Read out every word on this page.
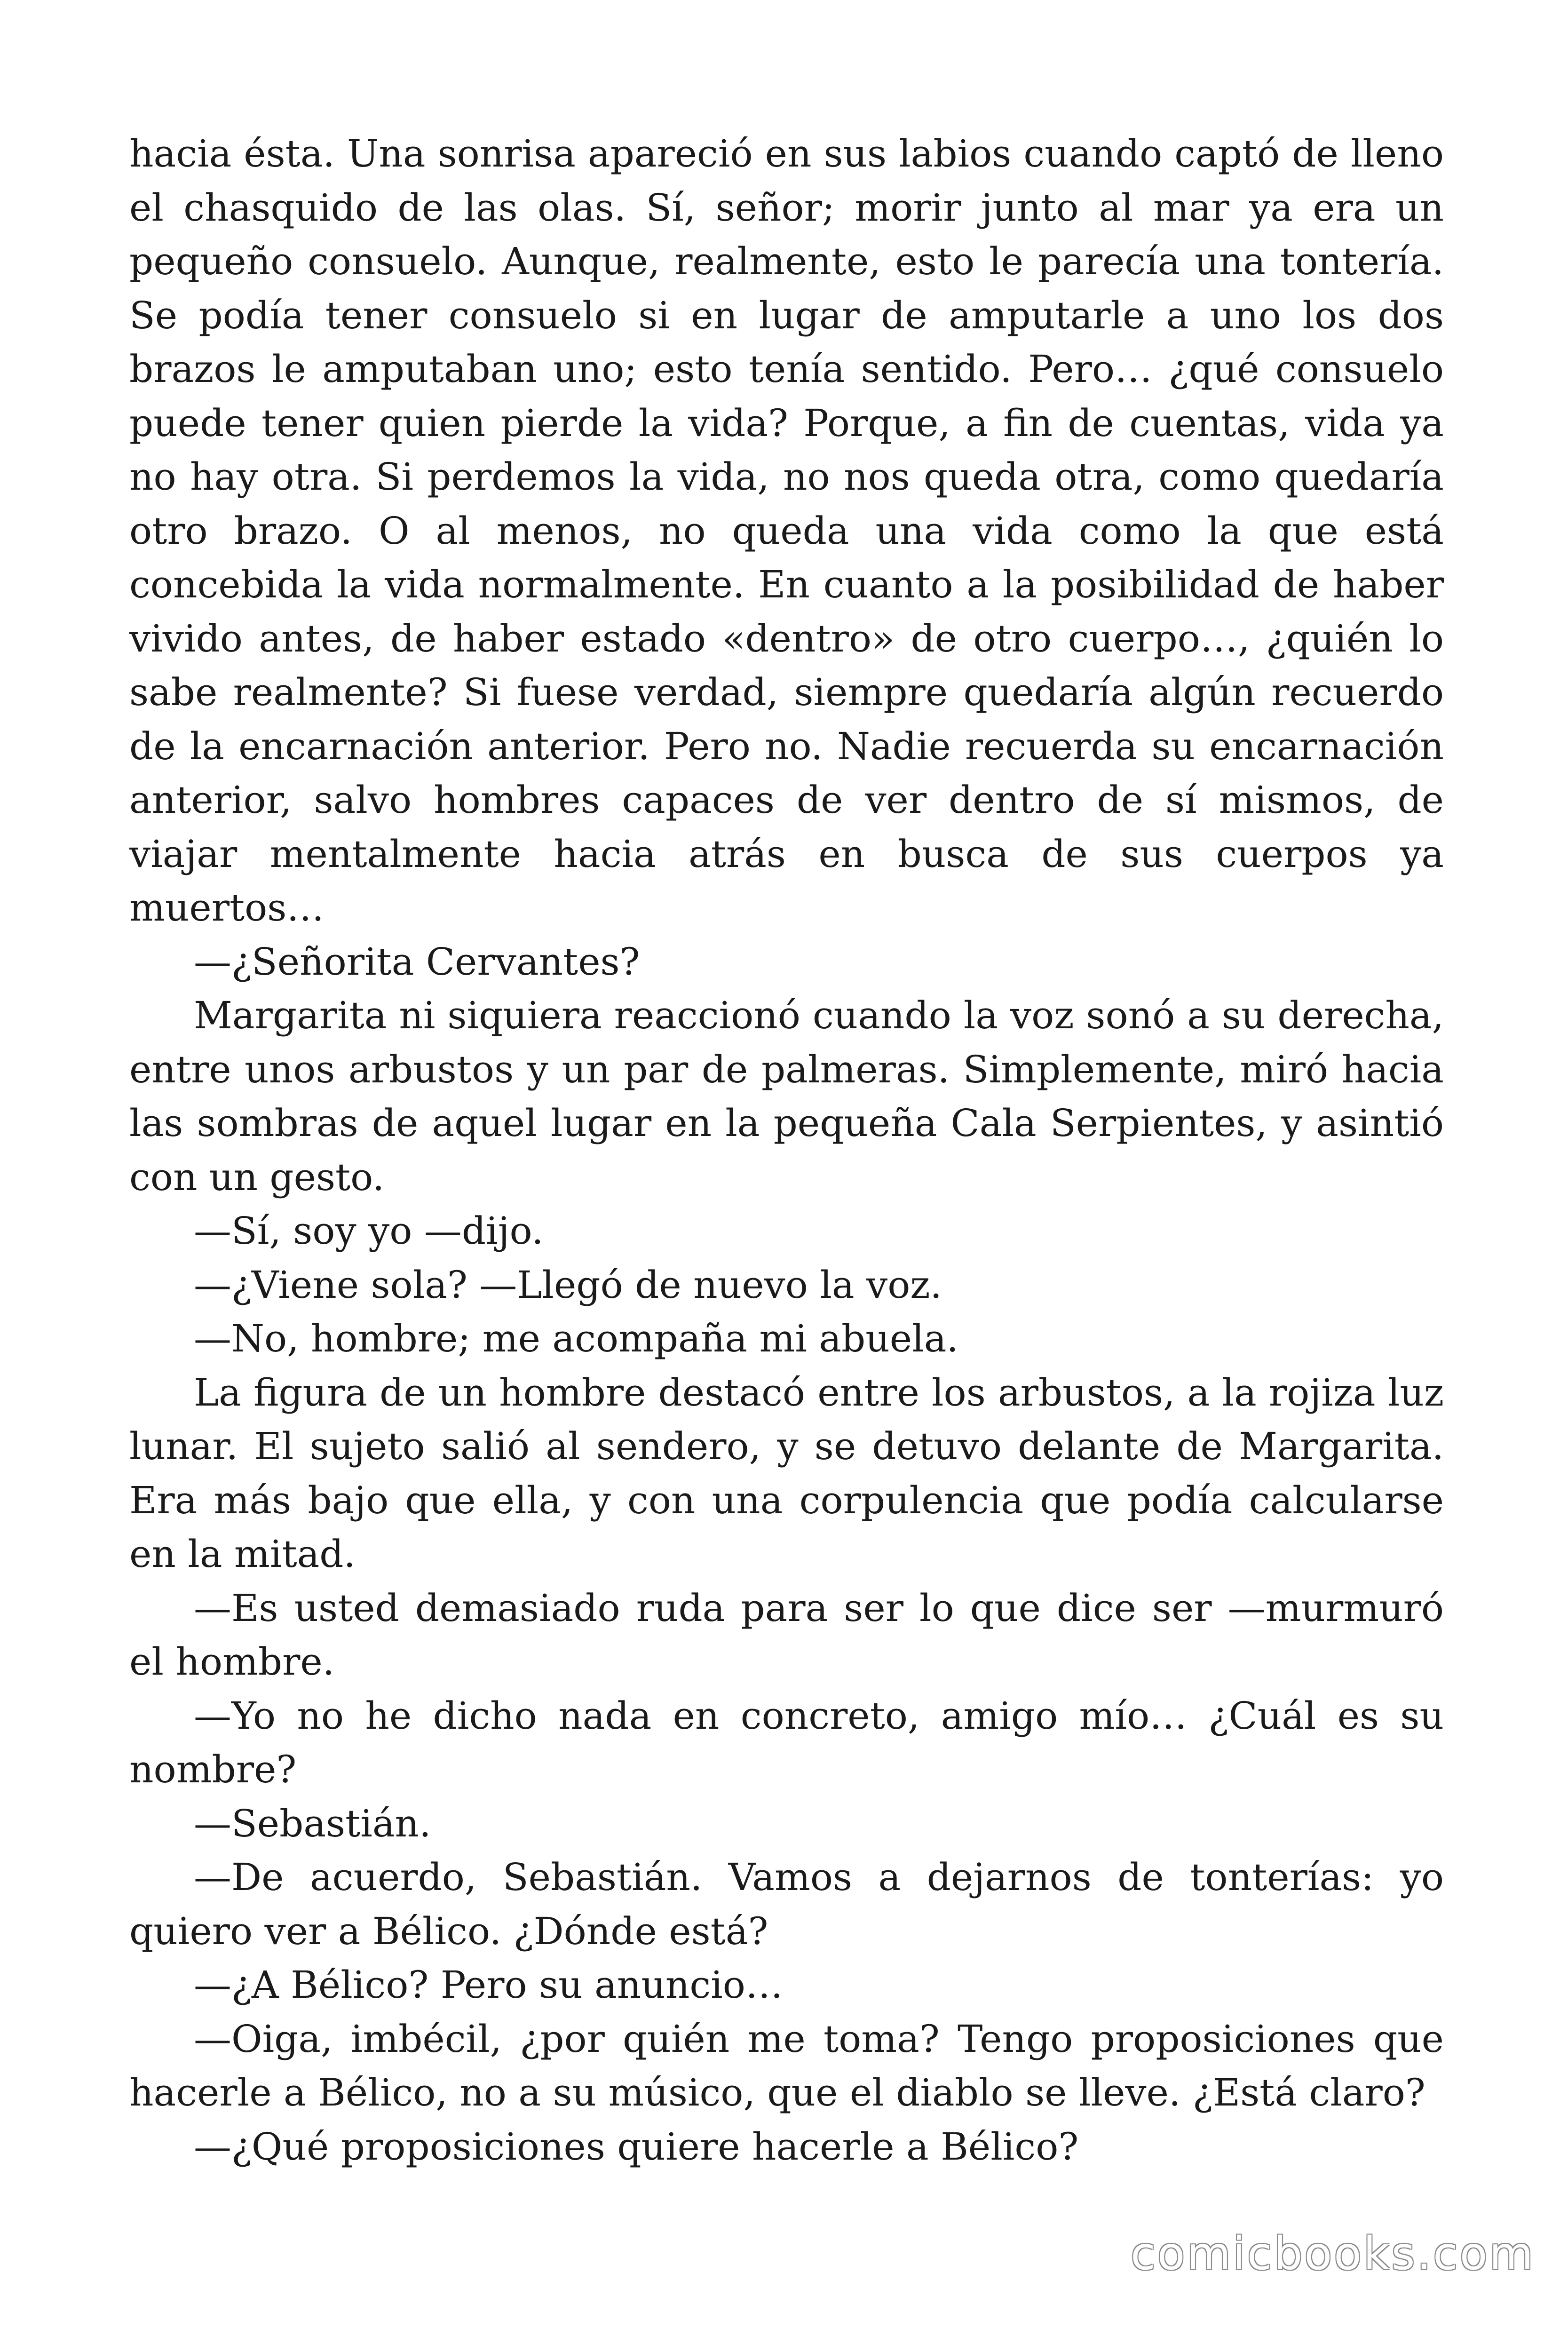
hacia ésta. Una sonrisa apareció en sus labios cuando captó de lleno el chasquido de las olas. Sí, señor; morir junto al mar ya era un pequeño consuelo. Aunque, realmente, esto le parecía una tontería. Se podía tener consuelo si en lugar de amputarle a uno los dos brazos le amputaban uno; esto tenía sentido. Pero… ¿qué consuelo puede tener quien pierde la vida? Porque, a fin de cuentas, vida ya no hay otra. Si perdemos la vida, no nos queda otra, como quedaría otro brazo. O al menos, no queda una vida como la que está concebida la vida normalmente. En cuanto a la posibilidad de haber vivido antes, de haber estado «dentro» de otro cuerpo…, ¿quién lo sabe realmente? Si fuese verdad, siempre quedaría algún recuerdo de la encarnación anterior. Pero no. Nadie recuerda su encarnación anterior, salvo hombres capaces de ver dentro de sí mismos, de viajar mentalmente hacia atrás en busca de sus cuerpos ya muertos…

—¿Señorita Cervantes?

Margarita ni siquiera reaccionó cuando la voz sonó a su derecha, entre unos arbustos y un par de palmeras. Simplemente, miró hacia las sombras de aquel lugar en la pequeña Cala Serpientes, y asintió con un gesto.

—Sí, soy yo —dijo.

—¿Viene sola? —Llegó de nuevo la voz.

—No, hombre; me acompaña mi abuela.

La figura de un hombre destacó entre los arbustos, a la rojiza luz lunar. El sujeto salió al sendero, y se detuvo delante de Margarita. Era más bajo que ella, y con una corpulencia que podía calcularse en la mitad.

—Es usted demasiado ruda para ser lo que dice ser —murmuró el hombre.

—Yo no he dicho nada en concreto, amigo mío… ¿Cuál es su nombre?

—Sebastián.

—De acuerdo, Sebastián. Vamos a dejarnos de tonterías: yo quiero ver a Bélico. ¿Dónde está?

—¿A Bélico? Pero su anuncio…

—Oiga, imbécil, ¿por quién me toma? Tengo proposiciones que hacerle a Bélico, no a su músico, que el diablo se lleve. ¿Está claro?

—¿Qué proposiciones quiere hacerle a Bélico?

comicbooks.com
